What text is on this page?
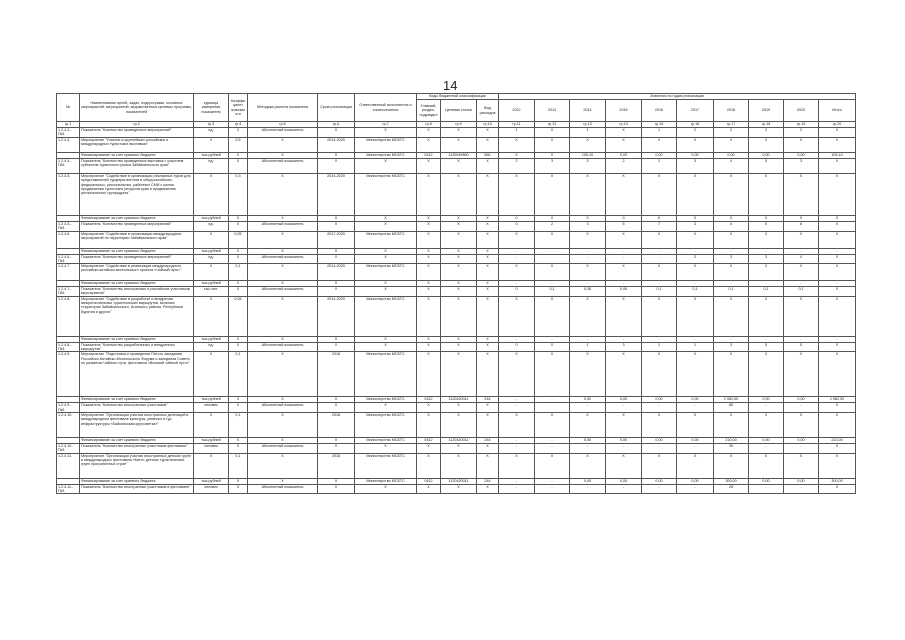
14
№	Наименование целей, задач, подпрограмм, основных мероприятий, мероприятий, ведомственных целевых программ, показателей	единица измерения показателя	Коэффициент значимости	Методика расчета показателя	Сроки реализации	Ответственный исполнитель и соисполнители	Коды бюджетной классификации			Значения по годам реализации									
							Главный, раздел, подраздел	Целевая статья	Вид расходов	2012	2013	2014	2015	2016	2017	2018	2019	2020	Итого
гр.1	гр.2	гр.3	гр.4	гр.5	гр.6	гр.7	гр.8	гр.9	гр.10	гр.11	гр.12	гр.13	гр.14	гр.15	гр.16	гр.17	гр.18	гр.19	гр.20
1.2.4.3.-П#1	Показатель "Количество проведенных мероприятий"	ед.	Х	Абсолютный показатель	Х	Х	Х	Х	Х	1	0	1	Х	1	2	2	2	2	Х
1.2.4.4.	Мероприятие "Участие в крупнейших российских и международных туристских выставках"	Х	0,5	Х	2014-2020	Министерство МСБТС	Х	Х	Х	Х	Х	Х	Х	Х	Х	Х	Х	Х	Х
	Финансирование за счет краевого бюджета	тыс.рублей	Х	Х	Х	Министерство МСБТС	0412	1120049800	880	Х	Х	105,10	0,00	0,00	0,00	0,00	0,00	0,00	105,10
1.2.4.4.-П#1	Показатель "Количество проведенных выставок с участием субъектов туристского рынка Забайкальского края"	ед.	Х	Абсолютный показатель	Х	Х	Х	Х	Х	2	3	3	2	2	3	4	5	3	Х
1.2.4.5.	Мероприятие "Содействие в организации рекламных туров для представителей турфирм-агентов и общероссийских, федеральных, региональных, районных СМИ с целью продвижения туристских ресурсов края и продвижения регионального турпродукта"	Х	0,3	Х	2014-2020	Министерство МСБТС	Х	Х	Х	Х	Х	Х	Х	Х	Х	Х	Х	Х	Х
	Финансирование за счет краевого бюджета	тыс.рублей	Х	Х	Х	Х	Х	Х	Х	0	0	0	0	0	0	0	0	0	0
1.2.4.5.-П#1	Показатель "Количество проведенных мероприятий"	ед.	Х	Абсолютный показатель	Х	Х	Х	Х	Х	0	2	3	5	7	3	4	5	6	Х
1.2.4.6.	Мероприятие "Содействие в организации международных мероприятий по территории Забайкальского края"	Х	0,05	Х	2017-2020	Министерство МСБТС	Х	Х	Х	Х	Х	Х	Х	Х	Х	Х	Х	Х	Х
	Финансирование за счет краевого бюджета	тыс.рублей	Х	Х	Х	Х	Х	Х	Х	-	-	-	-	-	-	-	-	-	-
1.2.4.6.-П#1	Показатель "Количество проведенных мероприятий"	ед.	Х	Абсолютный показатель	Х	Х	Х	Х	Х	-	-	-	-	-	2	3	3	4	Х
1.2.4.7.	Мероприятие "Содействие в реализации международного российско-китайско-монгольского проекта «Чайный путь»"	Х	0,1	Х	2014-2020	Министерство МСБТС	Х	Х	Х	Х	Х	Х	Х	Х	Х	Х	Х	Х	Х
	Финансирование за счет краевого бюджета	тыс.рублей	Х	Х	Х	Х	Х	Х	Х	-	-	-	-	-	-	-	-	-	-
1.2.4.7.-П#1	Показатель "Количество иностранных и российских участников мероприятия"	тыс.чел.	Х	Абсолютный показатель	Х	Х	Х	Х	Х	0	0,1	0,36	0,06	0,1	0,1	0,1	0,1	0,1	Х
1.2.4.8.	Мероприятие "Содействие в разработке и внедрении межрегиональных туристических маршрутов, включая территории Забайкальского, Агинского района, Республики Бурятия и других"	Х	0,05	Х	2014-2020	Министерство МСБТС	Х	Х	Х	Х	Х	Х	Х	Х	Х	Х	Х	Х	Х
	Финансирование за счет краевого бюджета	тыс.рублей	Х	Х	Х	Х	Х	Х	Х	-	-	-	-	-	-	-	-	-	-
1.2.4.8.-П#1	Показатель "Количество разработанных и внедренных маршрутов"	ед.	Х	Абсолютный показатель	Х	Х	Х	Х	Х	0	0	1	3	1	1	3	5	5	Х
1.2.4.9.	Мероприятие "Подготовка и проведение Пятого заседания Российско-Китайско-Монгольского Форума и заседания Совета по развитию Чайного пути, фестиваля «Великий чайный путь»"	Х	0,1	Х	2018	Министерство МСБТС	Х	Х	Х	Х	Х	Х	Х	Х	Х	Х	Х	Х	Х
	Финансирование за счет краевого бюджета	тыс.рублей	Х	Х	Х	Министерство МСБТС	0412	1120420011	244	-	-	0,00	0,00	0,00	0,00	1 982,00	0,00	0,00	1 982,00
1.2.4.9.-П#1	Показатель "Количество иностранных участников"	человек	Х	Абсолютный показатель	Х	Х	Х	Х	Х	-	-	-	-	-	-	80	-	-	Х
1.2.4.10.	Мероприятие "Организация участия иностранных делегаций в международном фестивале культуры, ремесел и тур. инфраструктуры «Байкальская кругосветка»"	Х	0,1	Х	2018	Министерство МСБТС	Х	Х	Х	Х	Х	Х	Х	Х	Х	Х	Х	Х	Х
	Финансирование за счет краевого бюджета	тыс.рублей	Х	Х	Х	Министерство МСБТС	0412	1120420011	244	-	-	0,00	0,00	0,00	0,00	210,00	0,00	0,00	210,00
1.2.4.10.-П#1	Показатель "Количество иностранных участников фестиваля"	человек	Х	Абсолютный показатель	Х	Х	Х	Х	Х	-	-	-	-	-	-	30	-	-	Х
1.2.4.11.	Мероприятие "Организация участия иностранных детских групп и международных фестиваля «Кито» детских туристических групп приграничных стран"	Х	0,1	Х	2018	Министерство МСБТС	Х	Х	Х	Х	Х	Х	Х	Х	Х	Х	Х	Х	Х
	Финансирование за счет краевого бюджета	тыс.рублей	Х	Х	Х	Министерство МСБТС	0412	1120420011	244	-	-	0,00	0,00	0,00	0,00	300,00	0,00	0,00	300,00
1.2.4.11.-П#1	Показатель "Количество иностранных участников в фестивале"	человек	Х	Абсолютный показатель	Х	Х	Х	Х	Х	-	-	-	-	-	-	25	-	-	Х
